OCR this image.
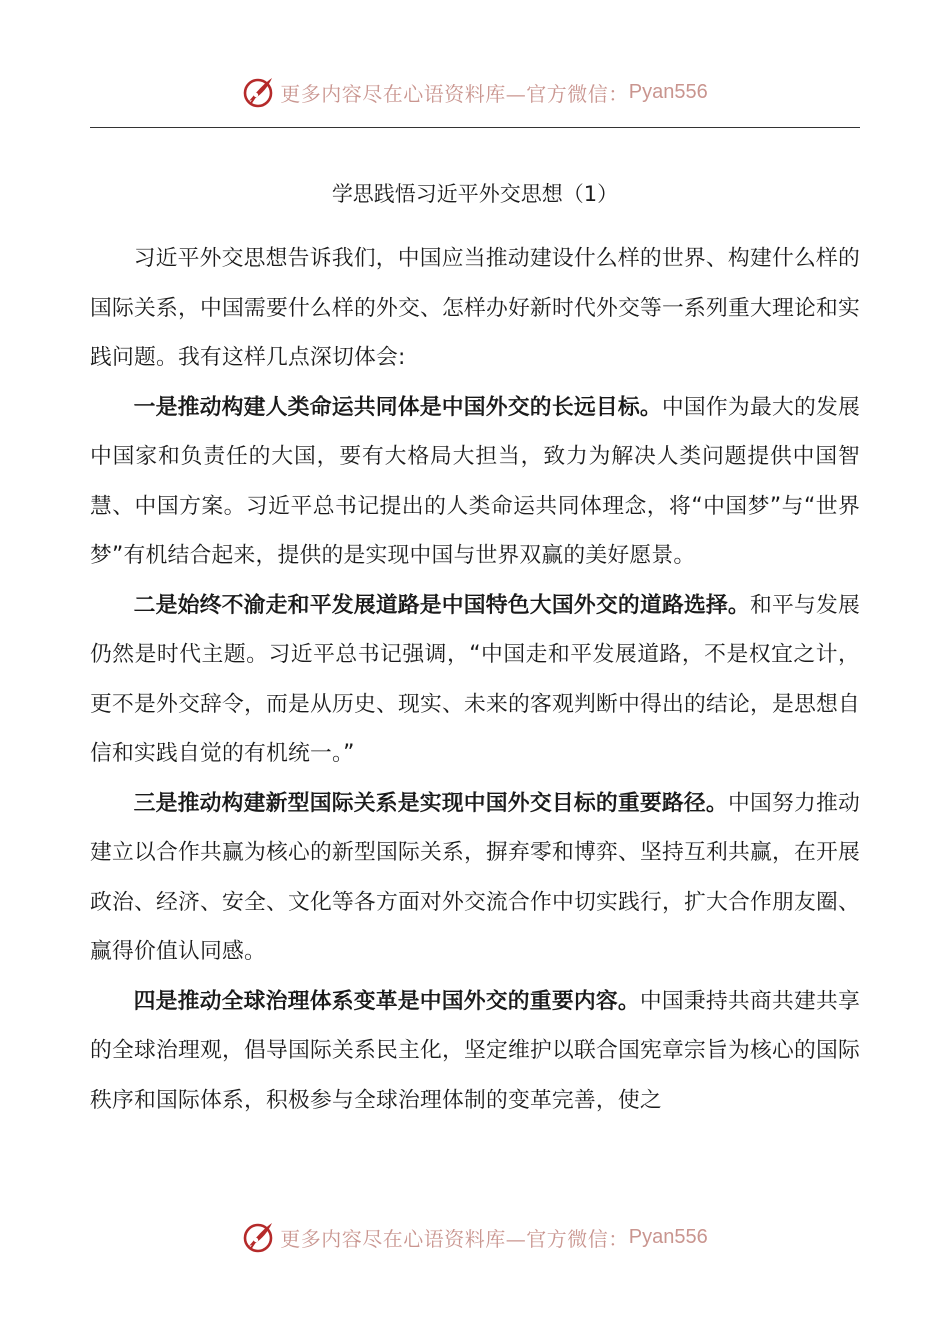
更多内容尽在心语资料库—官方微信： Pyan556
学思践悟习近平外交思想（1）

习近平外交思想告诉我们，中国应当推动建设什么样的世界、构建什么样的国际关系，中国需要什么样的外交、怎样办好新时代外交等一系列重大理论和实践问题。我有这样几点深切体会:

一是推动构建人类命运共同体是中国外交的长远目标。中国作为最大的发展中国家和负责任的大国，要有大格局大担当，致力为解决人类问题提供中国智慧、中国方案。习近平总书记提出的人类命运共同体理念，将“中国梦”与“世界梦”有机结合起来，提供的是实现中国与世界双赢的美好愿景。

二是始终不渝走和平发展道路是中国特色大国外交的道路选择。和平与发展仍然是时代主题。习近平总书记强调，“中国走和平发展道路，不是权宜之计，更不是外交辞令，而是从历史、现实、未来的客观判断中得出的结论，是思想自信和实践自觉的有机统一。”

三是推动构建新型国际关系是实现中国外交目标的重要路径。中国努力推动建立以合作共赢为核心的新型国际关系，摒弃零和博弈、坚持互利共赢，在开展政治、经济、安全、文化等各方面对外交流合作中切实践行，扩大合作朋友圈、赢得价值认同感。

四是推动全球治理体系变革是中国外交的重要内容。中国秉持共商共建共享的全球治理观，倡导国际关系民主化，坚定维护以联合国宪章宗旨为核心的国际秩序和国际体系，积极参与全球治理体制的变革完善，使之

更多内容尽在心语资料库—官方微信： Pyan556
